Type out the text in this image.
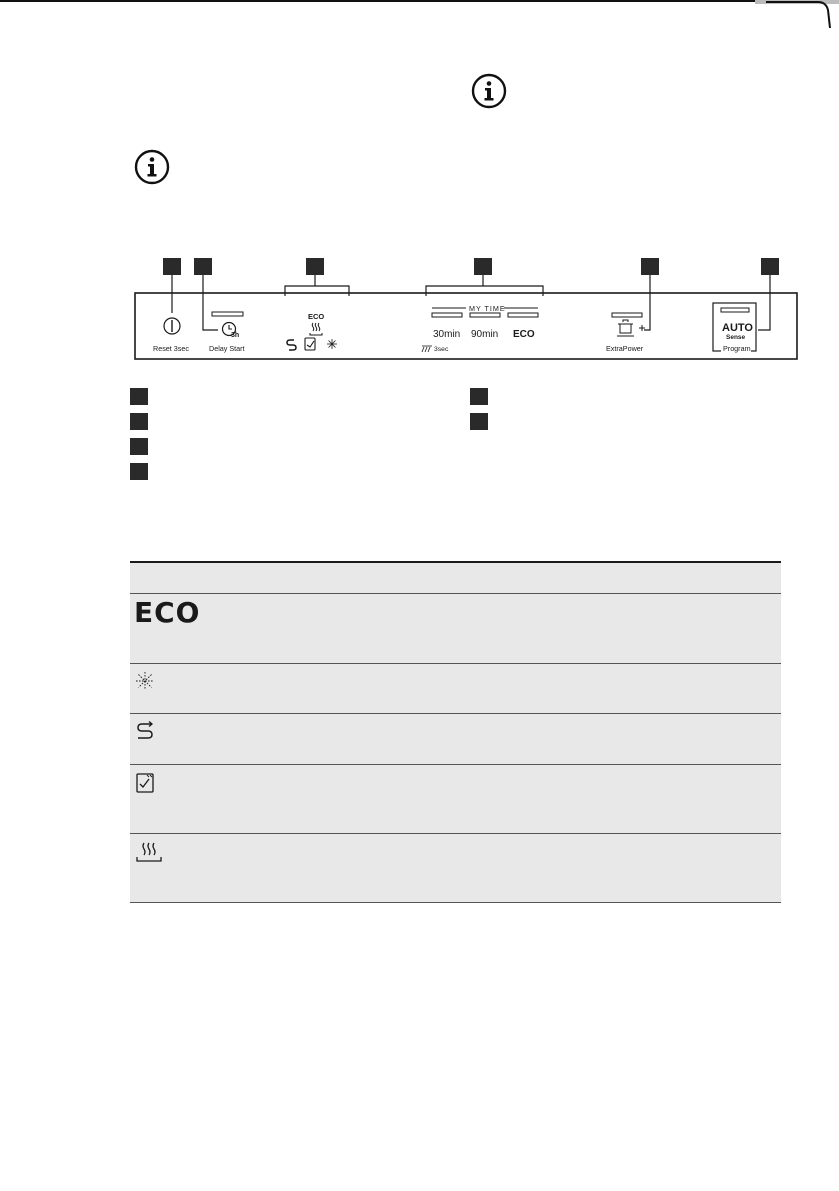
Reset 3sec
3h
Delay Start
ECO
MY TIME
30min 90min ECO
3sec	ExtraPower
AUTO
Sense
Program

ECO	
